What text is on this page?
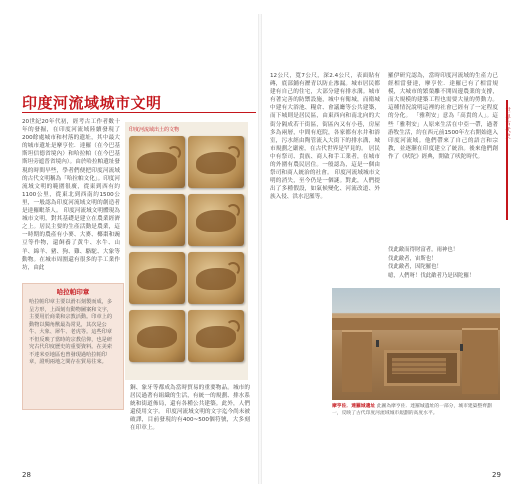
印度河流域城市文明

20世紀20年代初，經考古工作者數十年的發掘，在印度河流域陸續發現了200餘處城市和村落的遺址，其中最大的城市遺址是摩亨佐．達羅（在今巴基斯坦信德省境內）和哈拉帕（在今巴基斯坦旁遮普省境內）。由於哈拉帕遺址發現的時間早些，學者們便把印度河流域的古代文明稱為「哈拉帕文化」。印度河流域文明的範圍很廣，從東到西有約1100公里，從東北到西南約1500公里，一般認為印度河流域文明的創造者是達羅毗荼人。 印度河流域文明體現為城市文明，對其基礎是建立在農業經濟之上。居民主要的生產活動是農業，這一時期的農產有小麥、大麥、椰棗和豌豆等作物，還飼養了黃牛、水牛、山羊、綿羊、豬、狗、雞、駱駝、大象等動物。在城市周圍還有很多的手工業作坊，由此

印度河流域出土的文物
哈拉帕印章
哈拉帕印章主要以滑石刻製而成，多呈方形，上面刻有動物圖案和文字，主要用於商業和宗教活動。印章上的動物以獨角獸最為常見，其次是公牛、大象、犀牛、老虎等。這些印章不但反映了當時的宗教信仰，也是研究古代印度歷史的重要資料。在美索不達米亞地區也曾發現過哈拉帕印章，證明兩地之間存在貿易往來。

銅、象牙等都成為當時貿易的重要物品。城市的居民過著有組織的生活，有統一的規劃、排水系統和街道佈局，還有各種公共建築。此外，人們還使用文字。 印度河流域文明的文字迄今尚未被破譯，目前發現約有400~500個符號，大多刻在印章上。

28

12公尺，寬7公尺，深2.4公尺，表面貼有磚，底部鋪有瀝青以防止滲漏。城市居民都建有自己的住宅，大部分建有排水溝。城市有著完善的防禦設施，城中有衛城，而衛城中建有大浴池、糧倉、會議廳等公共建築，而下城則是居民區，由東西向和南北向的大街分隔成若干街區，街區內又有小巷，房屋多為兩層，中間有庭院，各家都有水井和浴室，污水經由陶管流入大街下的排水溝，城市規劃之嚴密，在古代世界是罕見的。 居民中有祭司、貴族、商人和手工業者，在城市的外圍有農民居住。一般認為，這是一個由祭司和商人統治的社會。 印度河流域城市文明的消失，至今仍是一個謎。對此，人們提出了多種假設，如氣候變化、河流改道、外族入侵、洪水氾濫等。

羅伊研究認為，當時印度河流域的生產力已經相當發達，摩亨佐．達羅已有了相當規模，大城市的繁榮離不開周邊農業的支撐，而大規模的建築工程也需要大量的勞動力。這種情況說明這裡的社會已經有了一定程度的分化。 「雅利安」意為「高貴的人」。這些「雅利安」人原來生活在中亞一帶，過著游牧生活，約在西元前1500年左右開始進入印度河流域。他們帶來了自己的語言和宗教，並逐漸在印度建立了統治。後來他們創作了《吠陀》經典，開啟了吠陀時代。

伐此敵而得財富者，雨神也！
伐此敵者，宙斯也！
伐此敵者，因陀羅也！
噫，人們呀！伐此敵者乃是因陀羅！
摩亨佐．達羅城遺址 此圖為摩亨佐．達羅城遺址的一部分，城市建築整齊劃一，反映了古代印度河流域城市規劃的高度水平。
世界古代史
29
